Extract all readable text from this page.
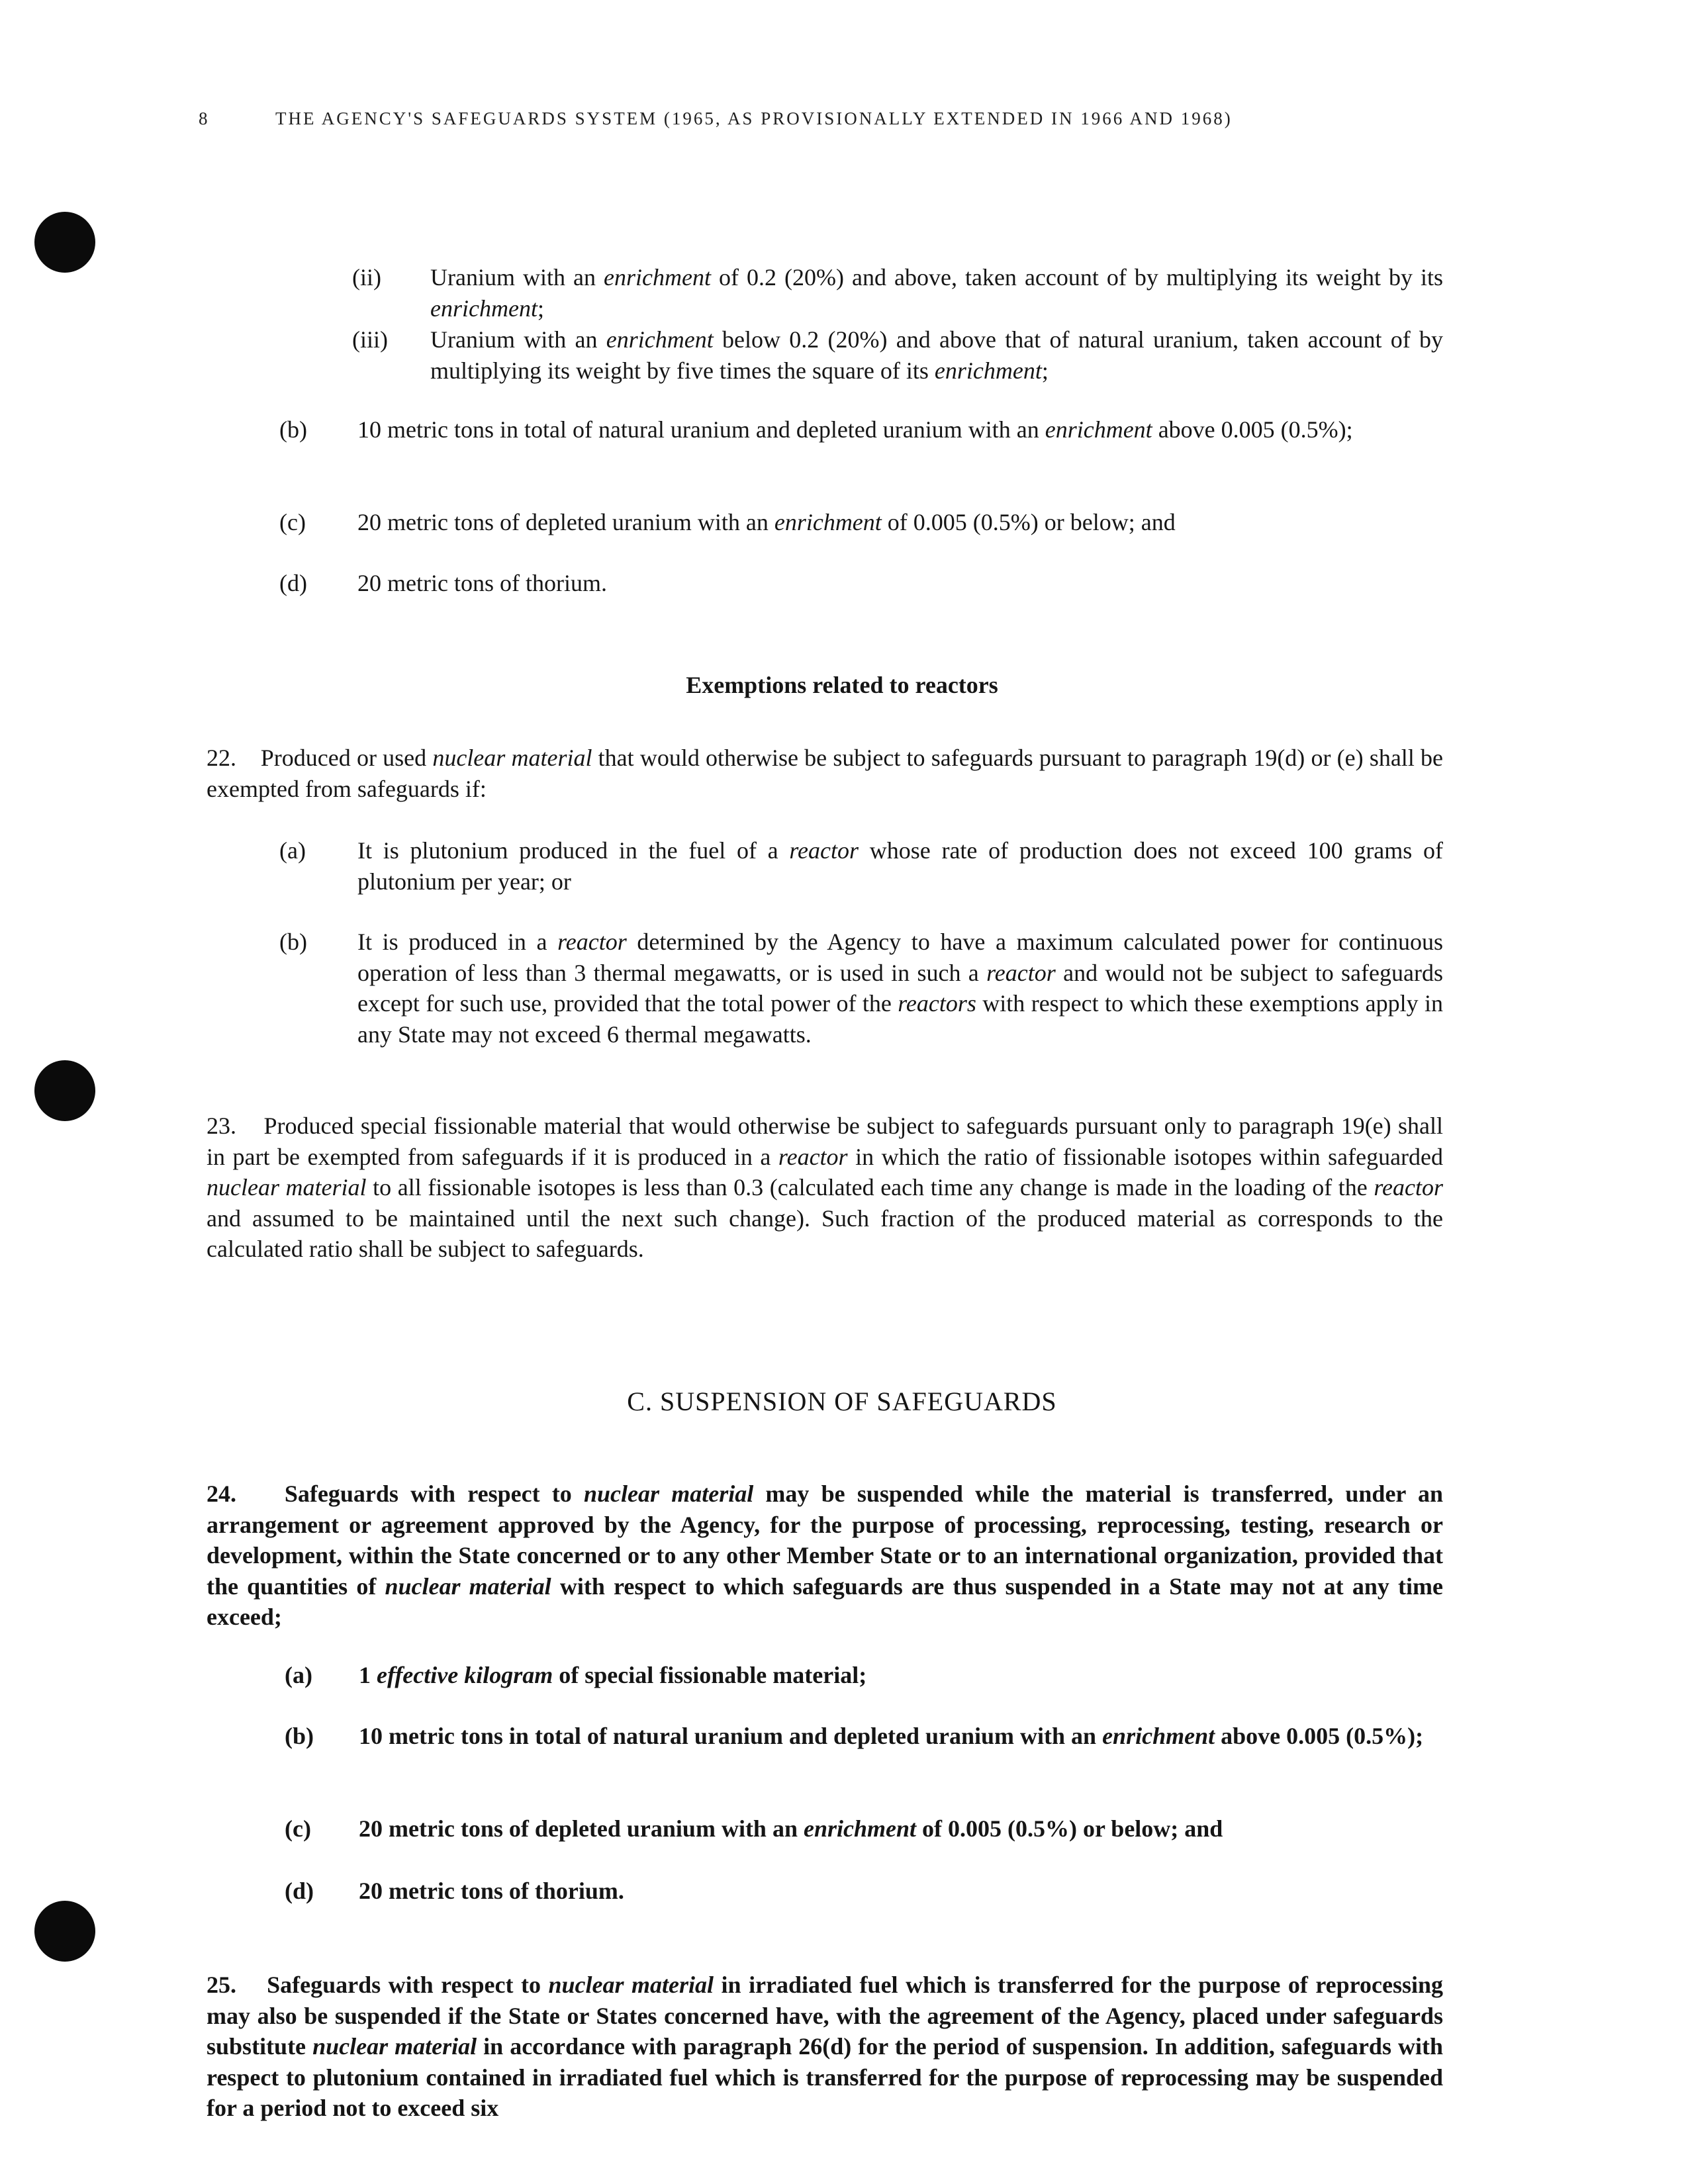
8	THE AGENCY'S SAFEGUARDS SYSTEM (1965, AS PROVISIONALLY EXTENDED IN 1966 AND 1968)
(ii)	Uranium with an enrichment of 0.2 (20%) and above, taken account of by multiplying its weight by its enrichment;
(iii)	Uranium with an enrichment below 0.2 (20%) and above that of natural uranium, taken account of by multiplying its weight by five times the square of its enrichment;
(b)	10 metric tons in total of natural uranium and depleted uranium with an enrichment above 0.005 (0.5%);
(c)	20 metric tons of depleted uranium with an enrichment of 0.005 (0.5%) or below; and
(d)	20 metric tons of thorium.
Exemptions related to reactors
22. Produced or used nuclear material that would otherwise be subject to safeguards pursuant to paragraph 19(d) or (e) shall be exempted from safeguards if:
(a)	It is plutonium produced in the fuel of a reactor whose rate of production does not exceed 100 grams of plutonium per year; or
(b)	It is produced in a reactor determined by the Agency to have a maximum calculated power for continuous operation of less than 3 thermal megawatts, or is used in such a reactor and would not be subject to safeguards except for such use, provided that the total power of the reactors with respect to which these exemptions apply in any State may not exceed 6 thermal megawatts.
23. Produced special fissionable material that would otherwise be subject to safeguards pursuant only to paragraph 19(e) shall in part be exempted from safeguards if it is produced in a reactor in which the ratio of fissionable isotopes within safeguarded nuclear material to all fissionable isotopes is less than 0.3 (calculated each time any change is made in the loading of the reactor and assumed to be maintained until the next such change). Such fraction of the produced material as corresponds to the calculated ratio shall be subject to safeguards.
C. SUSPENSION OF SAFEGUARDS
24. Safeguards with respect to nuclear material may be suspended while the material is transferred, under an arrangement or agreement approved by the Agency, for the purpose of processing, reprocessing, testing, research or development, within the State concerned or to any other Member State or to an international organization, provided that the quantities of nuclear material with respect to which safeguards are thus suspended in a State may not at any time exceed;
(a)	1 effective kilogram of special fissionable material;
(b)	10 metric tons in total of natural uranium and depleted uranium with an enrichment above 0.005 (0.5%);
(c)	20 metric tons of depleted uranium with an enrichment of 0.005 (0.5%) or below; and
(d)	20 metric tons of thorium.
25. Safeguards with respect to nuclear material in irradiated fuel which is transferred for the purpose of reprocessing may also be suspended if the State or States concerned have, with the agreement of the Agency, placed under safeguards substitute nuclear material in accordance with paragraph 26(d) for the period of suspension. In addition, safeguards with respect to plutonium contained in irradiated fuel which is transferred for the purpose of reprocessing may be suspended for a period not to exceed six
